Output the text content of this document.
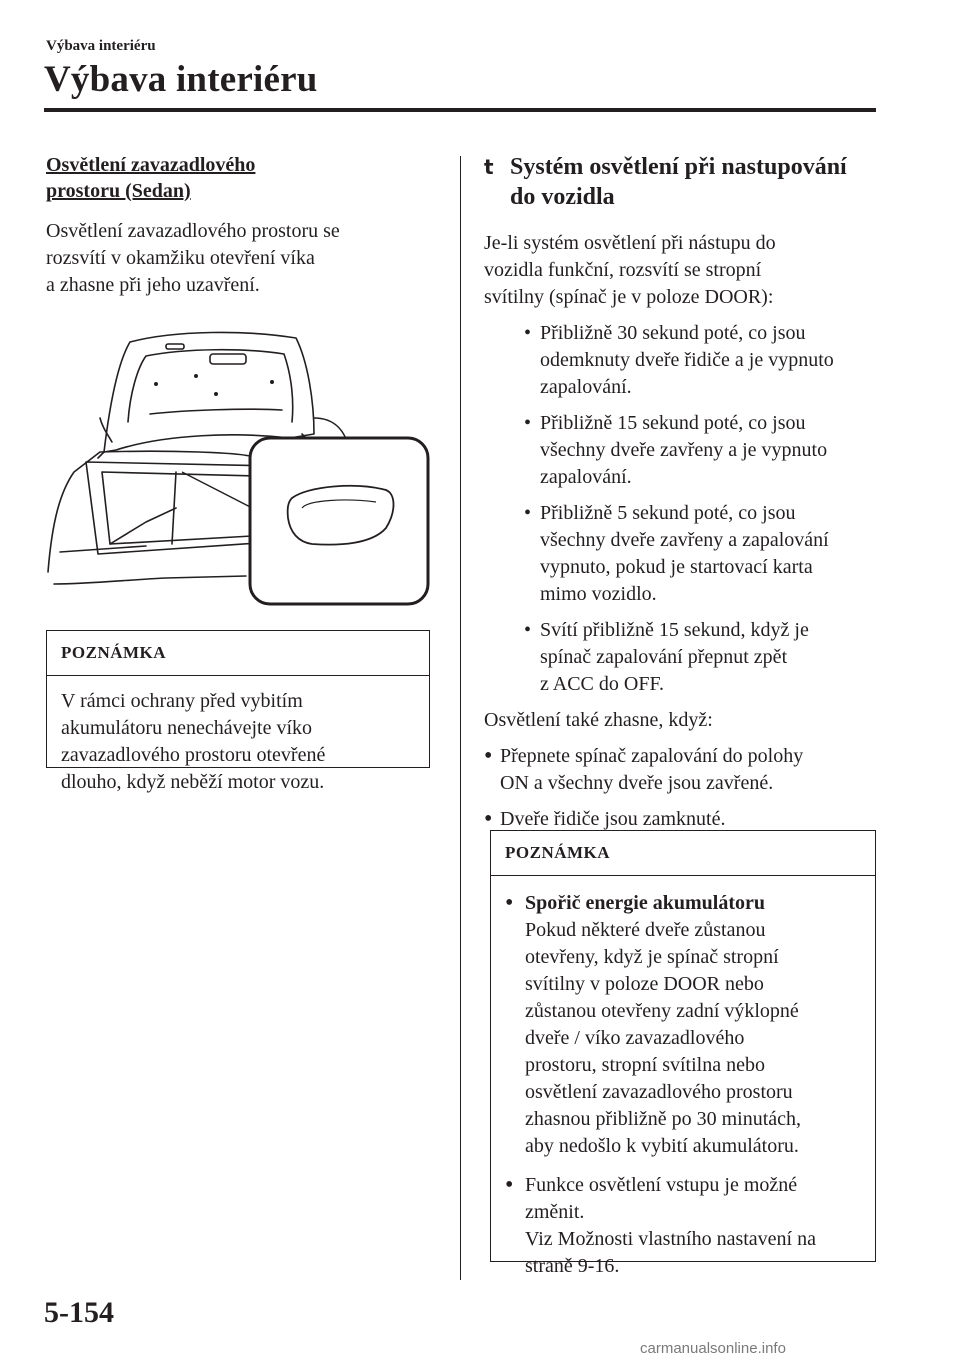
Výbava interiéru
Výbava interiéru
Osvětlení zavazadlového
prostoru (Sedan)
Osvětlení zavazadlového prostoru se
rozsvítí v okamžiku otevření víka
a zhasne při jeho uzavření.
POZNÁMKA
V rámci ochrany před vybitím
akumulátoru nenechávejte víko
zavazadlového prostoru otevřené
dlouho, když neběží motor vozu.
t Systém osvětlení při nastupování
do vozidla
Je-li systém osvětlení při nástupu do
vozidla funkční, rozsvítí se stropní
svítilny (spínač je v poloze DOOR):
• Přibližně 30 sekund poté, co jsou
odemknuty dveře řidiče a je vypnuto
zapalování.
• Přibližně 15 sekund poté, co jsou
všechny dveře zavřeny a je vypnuto
zapalování.
• Přibližně 5 sekund poté, co jsou
všechny dveře zavřeny a zapalování
vypnuto, pokud je startovací karta
mimo vozidlo.
• Svítí přibližně 15 sekund, když je
spínač zapalování přepnut zpět
z ACC do OFF.
Osvětlení také zhasne, když:
• Přepnete spínač zapalování do polohy
ON a všechny dveře jsou zavřené.
• Dveře řidiče jsou zamknuté.
POZNÁMKA
• Spořič energie akumulátoru
Pokud některé dveře zůstanou
otevřeny, když je spínač stropní
svítilny v poloze DOOR nebo
zůstanou otevřeny zadní výklopné
dveře / víko zavazadlového
prostoru, stropní svítilna nebo
osvětlení zavazadlového prostoru
zhasnou přibližně po 30 minutách,
aby nedošlo k vybití akumulátoru.
• Funkce osvětlení vstupu je možné
změnit.
Viz Možnosti vlastního nastavení na
straně 9-16.
5-154
carmanualsonline.info
